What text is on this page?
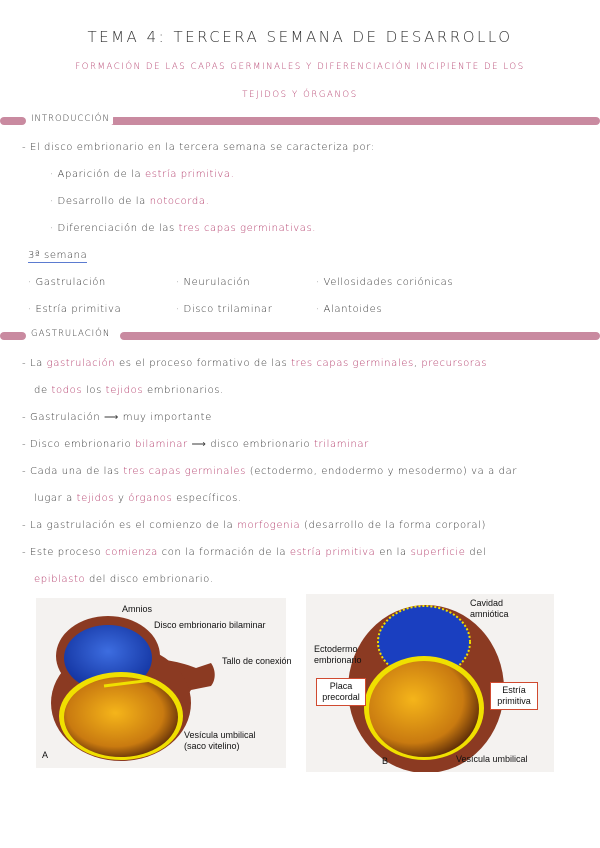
TEMA 4: TERCERA SEMANA DE DESARROLLO
FORMACIÓN DE LAS CAPAS GERMINALES Y DIFERENCIACIÓN INCIPIENTE DE LOS
TEJIDOS Y ÓRGANOS
INTRODUCCIÓN
- El disco embrionario en la tercera semana se caracteriza por:
· Aparición de la estría primitiva.
· Desarrollo de la notocorda.
· Diferenciación de las tres capas germinativas.
3ª semana
· Gastrulación	· Neurulación	· Vellosidades coriónicas
· Estría primitiva	· Disco trilaminar	· Alantoides
GASTRULACIÓN
- La gastrulación es el proceso formativo de las tres capas germinales, precursoras
de todos los tejidos embrionarios.
- Gastrulación ⟶ muy importante
- Disco embrionario bilaminar ⟶ disco embrionario trilaminar
- Cada una de las tres capas germinales (ectodermo, endodermo y mesodermo) va a dar
lugar a tejidos y órganos específicos.
- La gastrulación es el comienzo de la morfogenia (desarrollo de la forma corporal)
- Este proceso comienza con la formación de la estría primitiva en la superficie del
epiblasto del disco embrionario.
A
Amnios
Disco embrionario bilaminar
Tallo de conexión
Vesícula umbilical
(saco vitelino)
Cavidad
amniótica
Ectodermo
embrionario
Placa
precordal
Estría
primitiva
B	Vesícula umbilical
